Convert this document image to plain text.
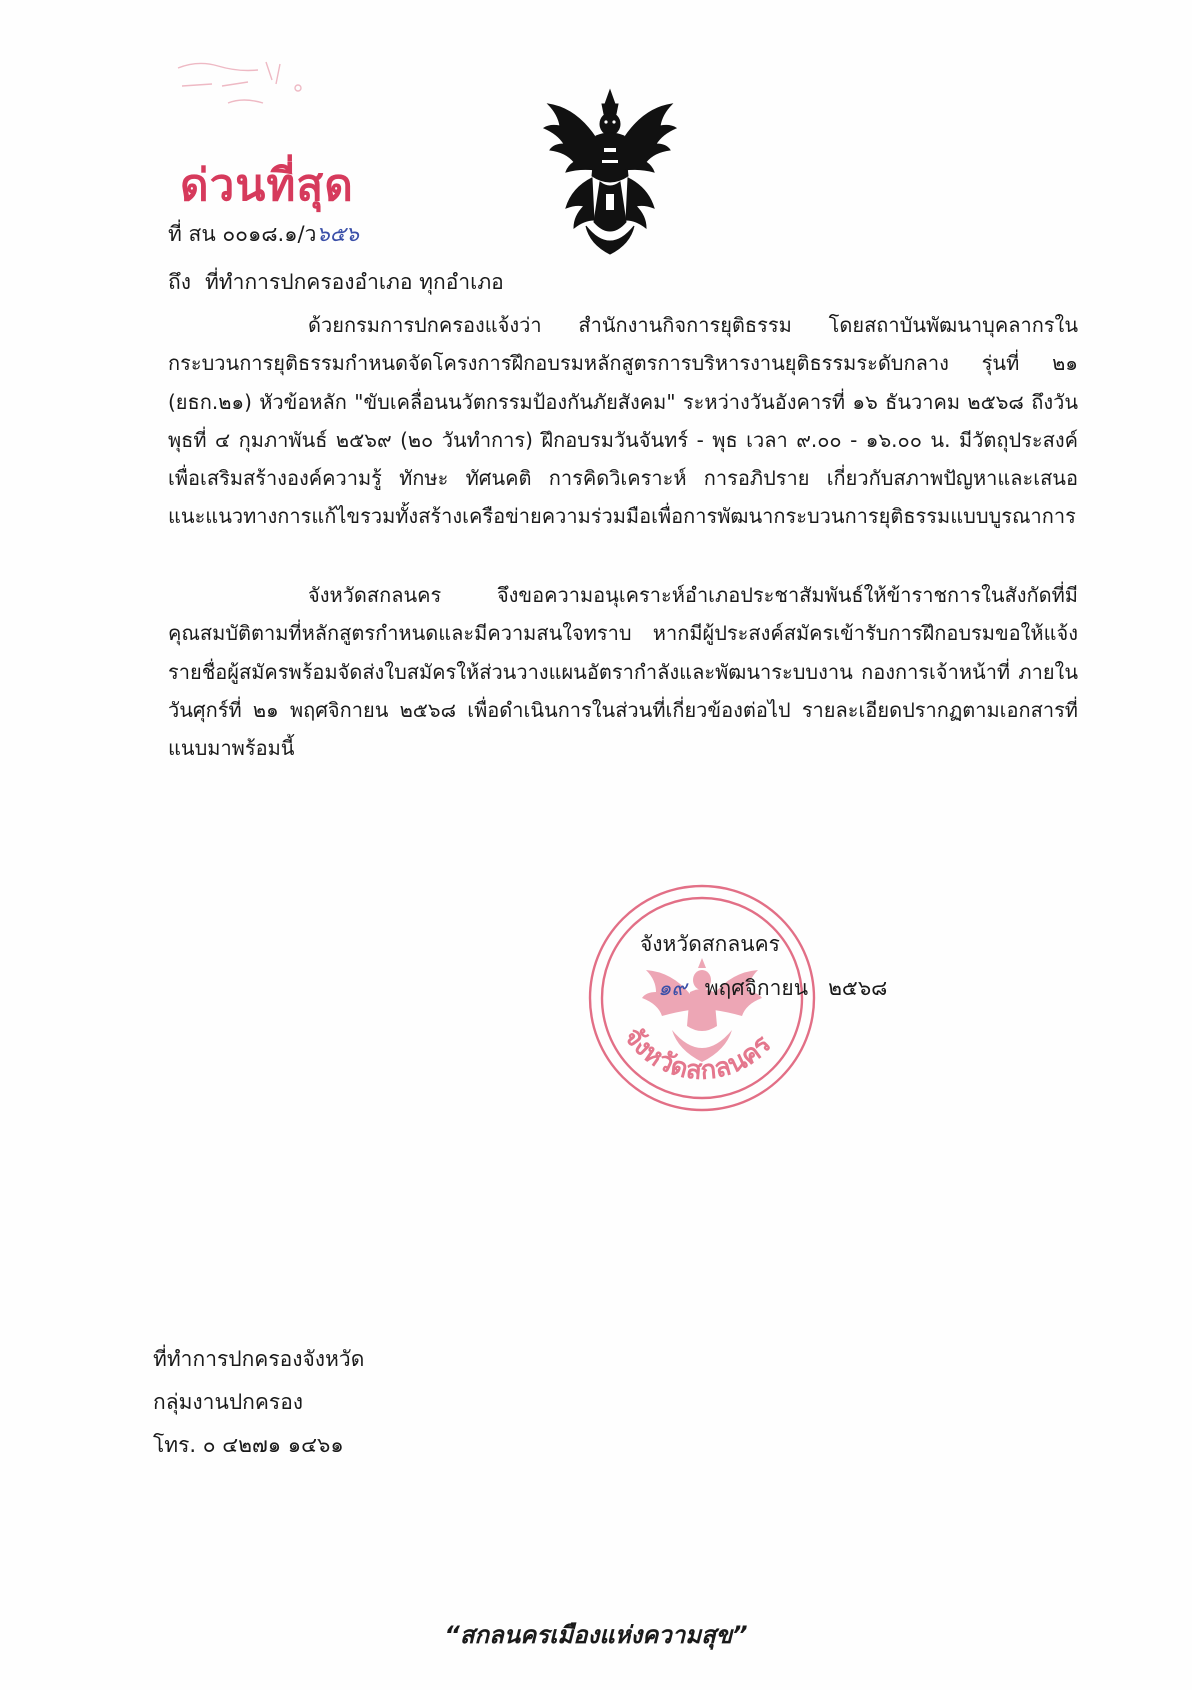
ด่วนที่สุด
ที่ สน ๐๐๑๘.๑/ว๖๕๖
ถึง ที่ทำการปกครองอำเภอ ทุกอำเภอ

ด้วยกรมการปกครองแจ้งว่า สำนักงานกิจการยุติธรรม โดยสถาบันพัฒนาบุคลากรในกระบวนการยุติธรรมกำหนดจัดโครงการฝึกอบรมหลักสูตรการบริหารงานยุติธรรมระดับกลาง รุ่นที่ ๒๑ (ยธก.๒๑) หัวข้อหลัก "ขับเคลื่อนนวัตกรรมป้องกันภัยสังคม" ระหว่างวันอังคารที่ ๑๖ ธันวาคม ๒๕๖๘ ถึงวันพุธที่ ๔ กุมภาพันธ์ ๒๕๖๙ (๒๐ วันทำการ) ฝึกอบรมวันจันทร์ - พุธ เวลา ๙.๐๐ - ๑๖.๐๐ น. มีวัตถุประสงค์เพื่อเสริมสร้างองค์ความรู้ ทักษะ ทัศนคติ การคิดวิเคราะห์ การอภิปราย เกี่ยวกับสภาพปัญหาและเสนอแนะแนวทางการแก้ไขรวมทั้งสร้างเครือข่ายความร่วมมือเพื่อการพัฒนากระบวนการยุติธรรมแบบบูรณาการ

จังหวัดสกลนคร จึงขอความอนุเคราะห์อำเภอประชาสัมพันธ์ให้ข้าราชการในสังกัดที่มีคุณสมบัติตามที่หลักสูตรกำหนดและมีความสนใจทราบ หากมีผู้ประสงค์สมัครเข้ารับการฝึกอบรมขอให้แจ้งรายชื่อผู้สมัครพร้อมจัดส่งใบสมัครให้ส่วนวางแผนอัตรากำลังและพัฒนาระบบงาน กองการเจ้าหน้าที่ ภายในวันศุกร์ที่ ๒๑ พฤศจิกายน ๒๕๖๘ เพื่อดำเนินการในส่วนที่เกี่ยวข้องต่อไป รายละเอียดปรากฏตามเอกสารที่แนบมาพร้อมนี้

จังหวัดสกลนคร
จังหวัดสกลนคร
๑๙ พฤศจิกายน ๒๕๖๘
ที่ทำการปกครองจังหวัด
กลุ่มงานปกครอง
โทร. ๐ ๔๒๗๑ ๑๔๖๑
“สกลนครเมืองแห่งความสุข”
